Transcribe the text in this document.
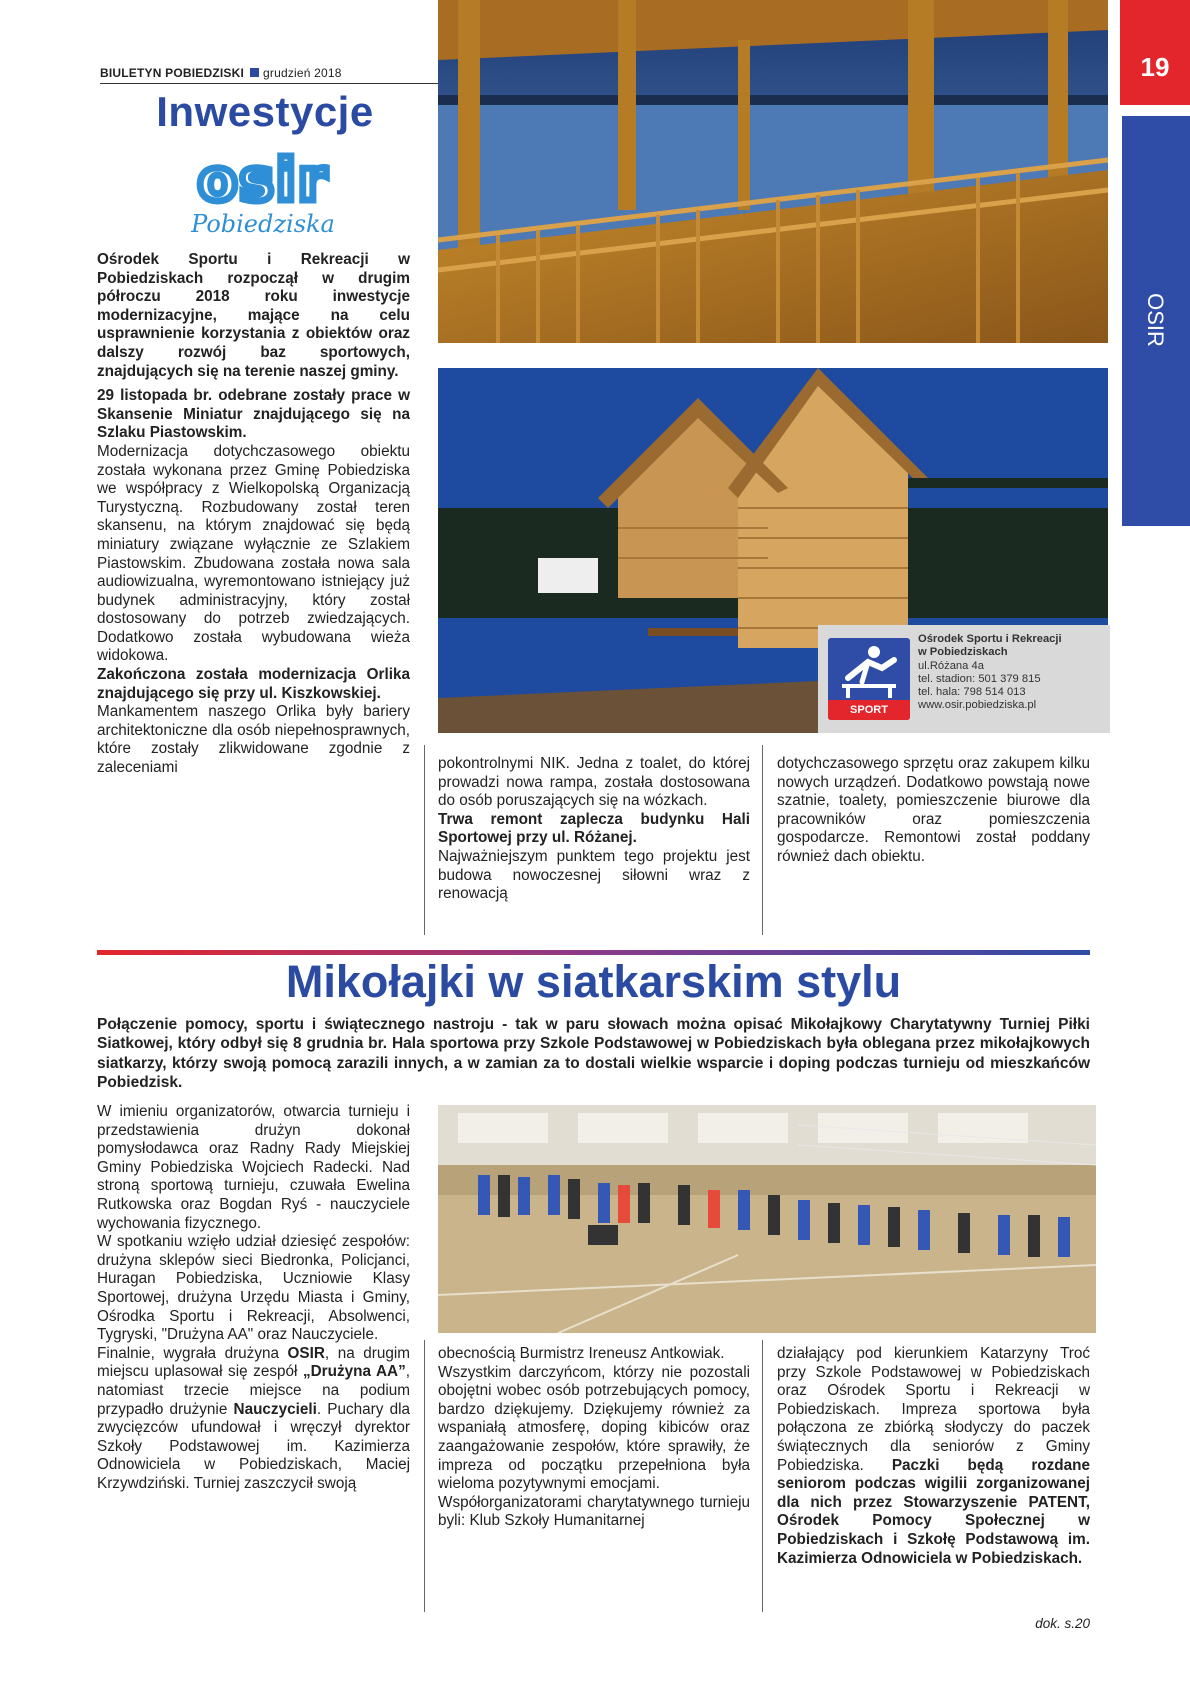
BIULETYN POBIEDZISKI grudzień 2018	19
OSIR
Inwestycje
osir
Pobiedziska
SPORT
Ośrodek Sportu i Rekreacji
w Pobiedziskach
ul.Różana 4a
tel. stadion: 501 379 815
tel. hala: 798 514 013
www.osir.pobiedziska.pl

Ośrodek Sportu i Rekreacji w Pobiedziskach rozpoczął w drugim półroczu 2018 roku inwestycje modernizacyjne, mające na celu usprawnienie korzystania z obiektów oraz dalszy rozwój baz sportowych, znajdujących się na terenie naszej gminy.

29 listopada br. odebrane zostały prace w Skansenie Miniatur znajdującego się na Szlaku Piastowskim.

Modernizacja dotychczasowego obiektu została wykonana przez Gminę Pobiedziska we współpracy z Wielkopolską Organizacją Turystyczną. Rozbudowany został teren skansenu, na którym znajdować się będą miniatury związane wyłącznie ze Szlakiem Piastowskim. Zbudowana została nowa sala audiowizualna, wyremontowano istniejący już budynek administracyjny, który został dostosowany do potrzeb zwiedzających. Dodatkowo została wybudowana wieża widokowa.

Zakończona została modernizacja Orlika znajdującego się przy ul. Kiszkowskiej.

Mankamentem naszego Orlika były bariery architektoniczne dla osób niepełnosprawnych, które zostały zlikwidowane zgodnie z zaleceniami	pokontrolnymi NIK. Jedna z toalet, do której prowadzi nowa rampa, została dostosowana do osób poruszających się na wózkach.

Trwa remont zaplecza budynku Hali Sportowej przy ul. Różanej.

Najważniejszym punktem tego projektu jest budowa nowoczesnej siłowni wraz z renowacją

dotychczasowego sprzętu oraz zakupem kilku nowych urządzeń. Dodatkowo powstają nowe szatnie, toalety, pomieszczenie biurowe dla pracowników oraz pomieszczenia gospodarcze. Remontowi został poddany również dach obiektu.

Mikołajki w siatkarskim stylu
Połączenie pomocy, sportu i świątecznego nastroju - tak w paru słowach można opisać Mikołajkowy Charytatywny Turniej Piłki Siatkowej, który odbył się 8 grudnia br. Hala sportowa przy Szkole Podstawowej w Pobiedziskach była oblegana przez mikołajkowych siatkarzy, którzy swoją pomocą zarazili innych, a w zamian za to dostali wielkie wsparcie i doping podczas turnieju od mieszkańców Pobiedzisk.

W imieniu organizatorów, otwarcia turnieju i przedstawienia drużyn dokonał pomysłodawca oraz Radny Rady Miejskiej Gminy Pobiedziska Wojciech Radecki. Nad stroną sportową turnieju, czuwała Ewelina Rutkowska oraz Bogdan Ryś - nauczyciele wychowania fizycznego.

W spotkaniu wzięło udział dziesięć zespołów: drużyna sklepów sieci Biedronka, Policjanci, Huragan Pobiedziska, Uczniowie Klasy Sportowej, drużyna Urzędu Miasta i Gminy, Ośrodka Sportu i Rekreacji, Absolwenci, Tygryski, "Drużyna AA" oraz Nauczyciele.

Finalnie, wygrała drużyna OSIR, na drugim miejscu uplasował się zespół „Drużyna AA”, natomiast trzecie miejsce na podium przypadło drużynie Nauczycieli. Puchary dla zwycięzców ufundował i wręczył dyrektor Szkoły Podstawowej im. Kazimierza Odnowiciela w Pobiedziskach, Maciej Krzywdziński. Turniej zaszczycił swoją

obecnością Burmistrz Ireneusz Antkowiak.

Wszystkim darczyńcom, którzy nie pozostali obojętni wobec osób potrzebujących pomocy, bardzo dziękujemy. Dziękujemy również za wspaniałą atmosferę, doping kibiców oraz zaangażowanie zespołów, które sprawiły, że impreza od początku przepełniona była wieloma pozytywnymi emocjami.

Współorganizatorami charytatywnego turnieju byli: Klub Szkoły Humanitarnej

działający pod kierunkiem Katarzyny Troć przy Szkole Podstawowej w Pobiedziskach oraz Ośrodek Sportu i Rekreacji w Pobiedziskach. Impreza sportowa była połączona ze zbiórką słodyczy do paczek świątecznych dla seniorów z Gminy Pobiedziska. Paczki będą rozdane seniorom podczas wigilii zorganizowanej dla nich przez Stowarzyszenie PATENT, Ośrodek Pomocy Społecznej w Pobiedziskach i Szkołę Podstawową im. Kazimierza Odnowiciela w Pobiedziskach.

dok. s.20
